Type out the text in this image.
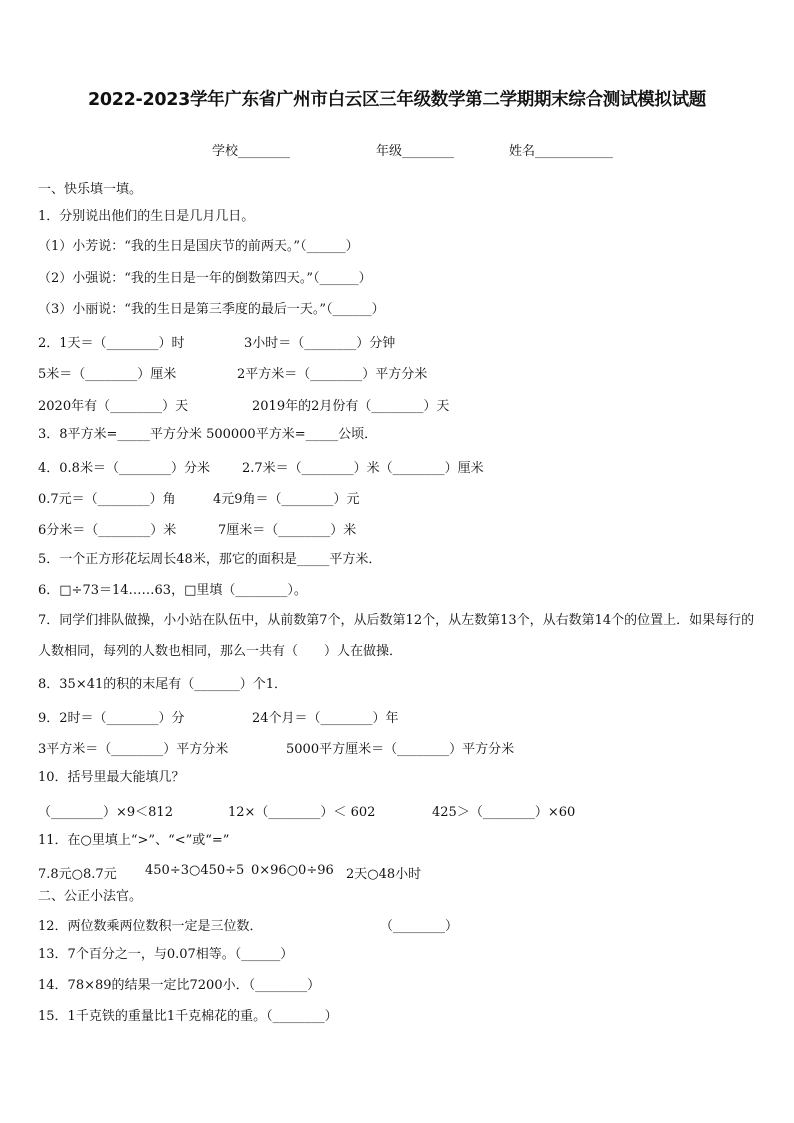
2022-2023学年广东省广州市白云区三年级数学第二学期期末综合测试模拟试题
学校________	年级________	姓名____________
一、快乐填一填。
1．分别说出他们的生日是几月几日。
（1）小芳说：“我的生日是国庆节的前两天。”（______）
（2）小强说：“我的生日是一年的倒数第四天。”（______）
（3）小丽说：“我的生日是第三季度的最后一天。”（______）
2．1天＝（________）时	3小时＝（________）分钟
5米＝（________）厘米	2平方米＝（________）平方分米
2020年有（________）天	2019年的2月份有（________）天
3．8平方米=_____平方分米 500000平方米=_____公顷．
4．0.8米＝（________）分米 2.7米＝（________）米（________）厘米
0.7元＝（________）角	4元9角＝（________）元
6分米＝（________）米	7厘米＝（________）米
5．一个正方形花坛周长48米，那它的面积是_____平方米．
6．□÷73＝14……63，□里填（________）。
7．同学们排队做操，小小站在队伍中，从前数第7个，从后数第12个，从左数第13个，从右数第14个的位置上．如果每行的人数相同，每列的人数也相同，那么一共有（　　）人在做操．
8．35×41的积的末尾有（_______）个1．
9．2时＝（________）分	24个月＝（________）年
3平方米＝（________）平方分米	5000平方厘米＝（________）平方分米
10．括号里最大能填几？
（________）×9＜812	12×（________）＜ 602	425＞（________）×60
11．在○里填上“>”、“<”或“=”
7.8元○8.7元 450÷3○450÷5 0×96○0÷96 2天○48小时
二、公正小法官。
12．两位数乘两位数积一定是三位数．	（________）
13．7个百分之一，与0.07相等。（______）
14．78×89的结果一定比7200小．（________）
15．1千克铁的重量比1千克棉花的重。（________）
